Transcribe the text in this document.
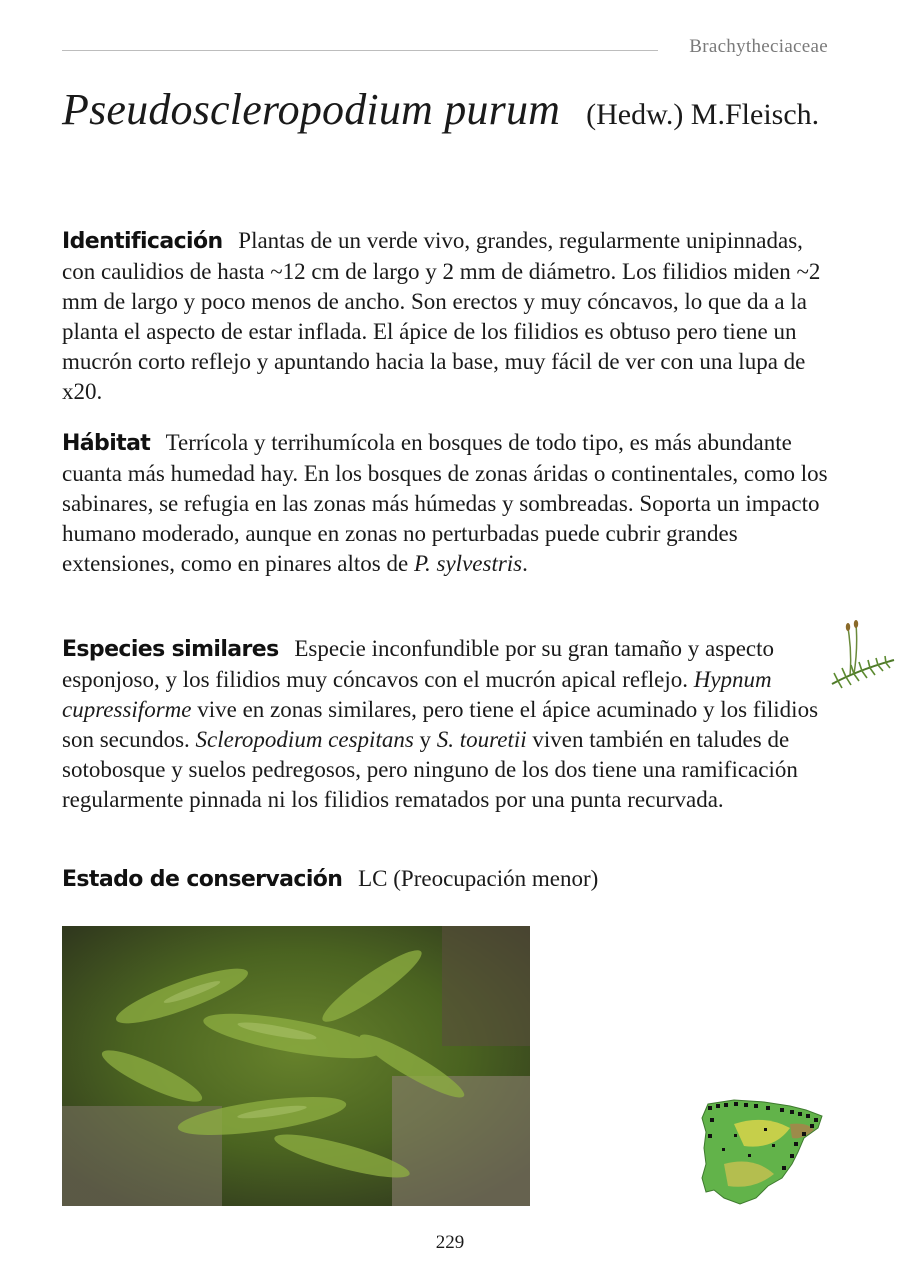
Brachytheciaceae
Pseudoscleropodium purum (Hedw.) M.Fleisch.
Identificación Plantas de un verde vivo, grandes, regularmente unipinnadas, con caulidios de hasta ~12 cm de largo y 2 mm de diámetro. Los filidios miden ~2 mm de largo y poco menos de ancho. Son erectos y muy cóncavos, lo que da a la planta el aspecto de estar inflada. El ápice de los filidios es obtuso pero tiene un mucrón corto reflejo y apuntando hacia la base, muy fácil de ver con una lupa de x20.
Hábitat Terrícola y terrihumícola en bosques de todo tipo, es más abundante cuanta más humedad hay. En los bosques de zonas áridas o continentales, como los sabinares, se refugia en las zonas más húmedas y sombreadas. Soporta un impacto humano moderado, aunque en zonas no perturbadas puede cubrir grandes extensiones, como en pinares altos de P. sylvestris.
Especies similares Especie inconfundible por su gran tamaño y aspecto esponjoso, y los filidios muy cóncavos con el mucrón apical reflejo. Hypnum cupressiforme vive en zonas similares, pero tiene el ápice acuminado y los filidios son secundos. Scleropodium cespitans y S. touretii viven también en taludes de sotobosque y suelos pedregosos, pero ninguno de los dos tiene una ramificación regularmente pinnada ni los filidios rematados por una punta recurvada.
Estado de conservación LC (Preocupación menor)
229
